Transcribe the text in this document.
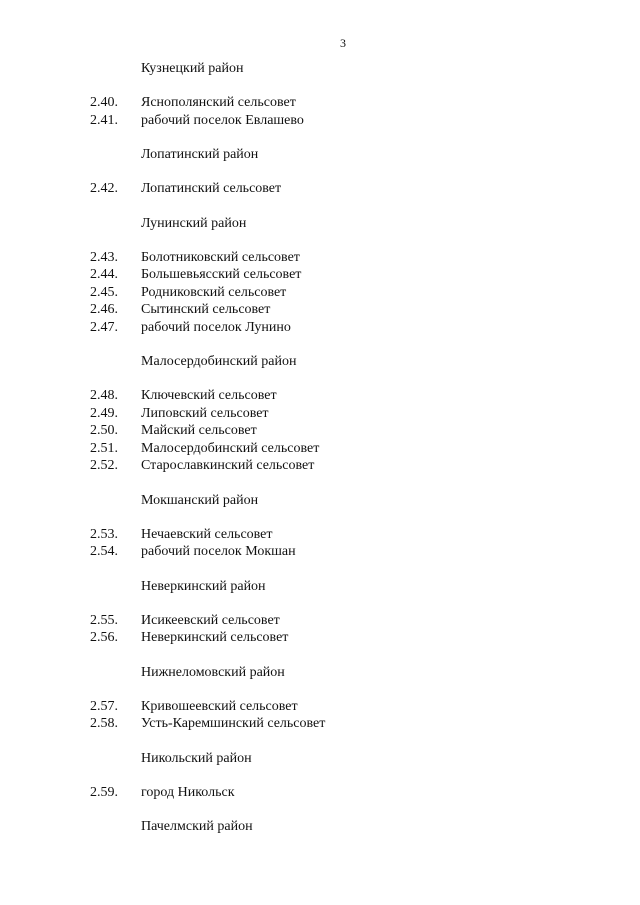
3
Кузнецкий район
2.40.	Яснополянский сельсовет
2.41.	рабочий поселок Евлашево
Лопатинский район
2.42.	Лопатинский сельсовет
Лунинский район
2.43.	Болотниковский сельсовет
2.44.	Большевьясский сельсовет
2.45.	Родниковский сельсовет
2.46.	Сытинский сельсовет
2.47.	рабочий поселок Лунино
Малосердобинский район
2.48.	Ключевский сельсовет
2.49.	Липовский сельсовет
2.50.	Майский сельсовет
2.51.	Малосердобинский сельсовет
2.52.	Старославкинский сельсовет
Мокшанский район
2.53.	Нечаевский сельсовет
2.54.	рабочий поселок Мокшан
Неверкинский район
2.55.	Исикеевский сельсовет
2.56.	Неверкинский сельсовет
Нижнеломовский район
2.57.	Кривошеевский сельсовет
2.58.	Усть-Каремшинский сельсовет
Никольский район
2.59.	город Никольск
Пачелмский район
